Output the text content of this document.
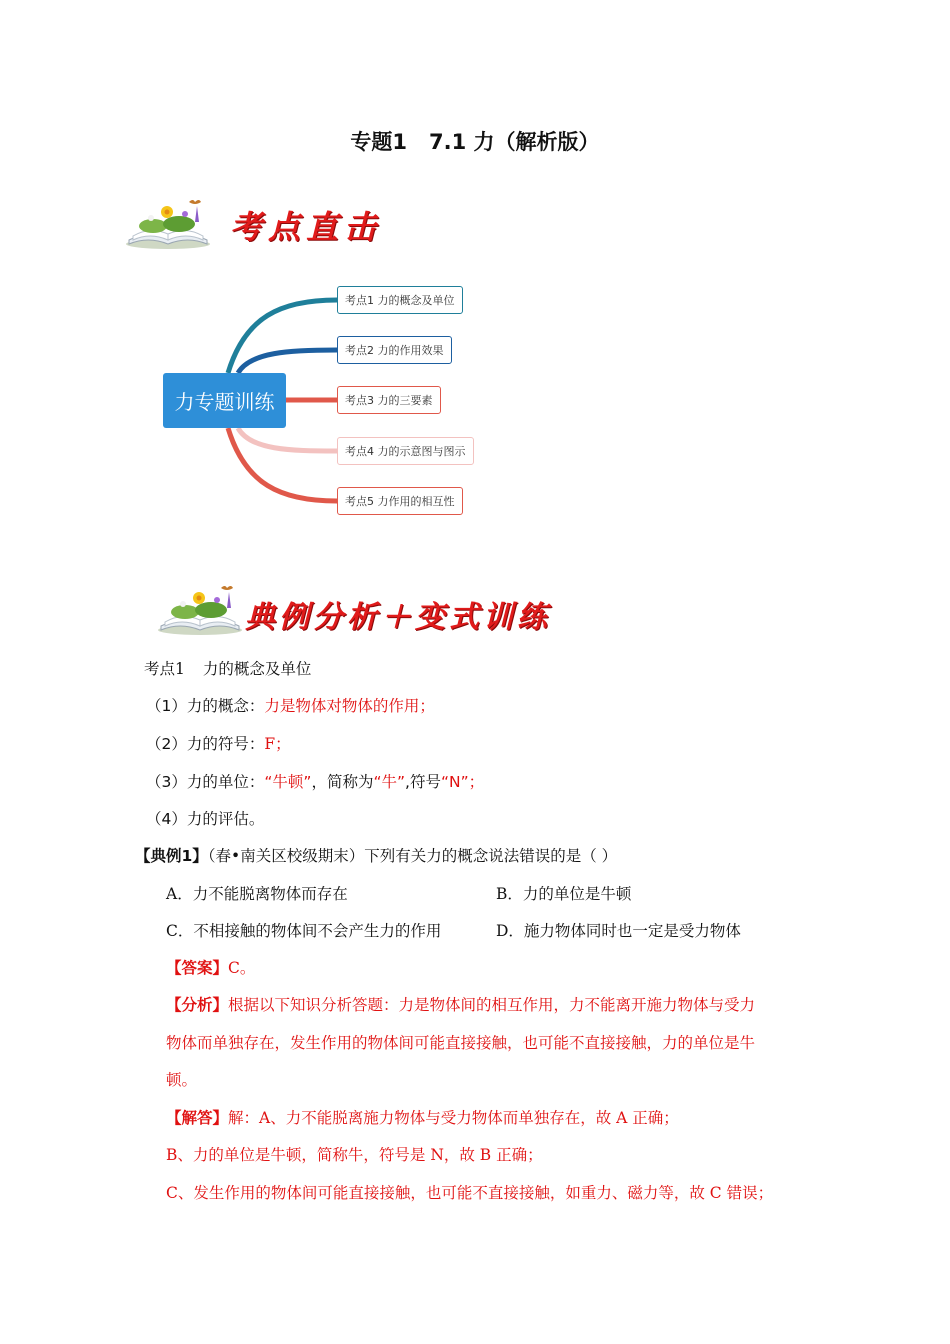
专题1 7.1 力（解析版）
考点直击
力专题训练
考点1 力的概念及单位
考点2 力的作用效果
考点3 力的三要素
考点4 力的示意图与图示
考点5 力作用的相互性
典例分析＋变式训练
考点1 力的概念及单位
（1）力的概念：力是物体对物体的作用；
（2）力的符号：F；
（3）力的单位：“牛顿”，简称为“牛”,符号“N”；
（4）力的评估。
【典例1】（春•南关区校级期末）下列有关力的概念说法错误的是（ ）
A．力不能脱离物体而存在	B．力的单位是牛顿
C．不相接触的物体间不会产生力的作用	D．施力物体同时也一定是受力物体
【答案】C。
【分析】根据以下知识分析答题：力是物体间的相互作用，力不能离开施力物体与受力
物体而单独存在，发生作用的物体间可能直接接触，也可能不直接接触，力的单位是牛
顿。
【解答】解：A、力不能脱离施力物体与受力物体而单独存在，故 A 正确；
B、力的单位是牛顿，简称牛，符号是 N，故 B 正确；
C、发生作用的物体间可能直接接触，也可能不直接接触，如重力、磁力等，故 C 错误；
